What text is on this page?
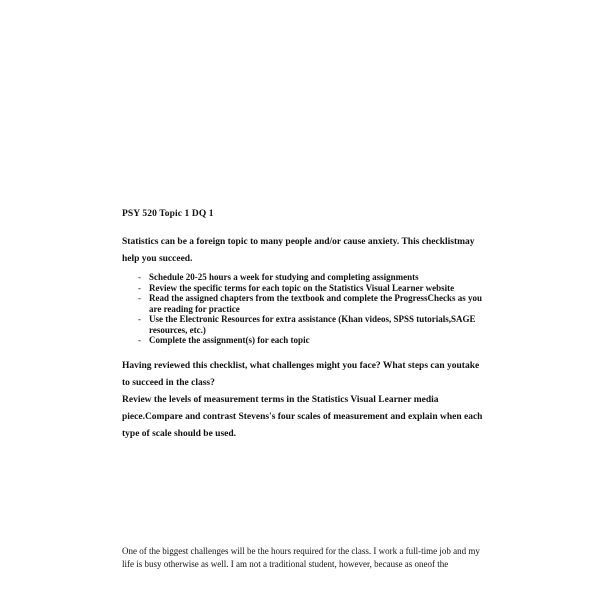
PSY 520 Topic 1 DQ 1
Statistics can be a foreign topic to many people and/or cause anxiety. This checklistmay help you succeed.
- Schedule 20-25 hours a week for studying and completing assignments
- Review the specific terms for each topic on the Statistics Visual Learner website
- Read the assigned chapters from the textbook and complete the ProgressChecks as you are reading for practice
- Use the Electronic Resources for extra assistance (Khan videos, SPSS tutorials,SAGE resources, etc.)
- Complete the assignment(s) for each topic

Having reviewed this checklist, what challenges might you face? What steps can youtake to succeed in the class?

Review the levels of measurement terms in the Statistics Visual Learner media piece.Compare and contrast Stevens's four scales of measurement and explain when each type of scale should be used.

One of the biggest challenges will be the hours required for the class. I work a full-time job and my life is busy otherwise as well. I am not a traditional student, however, because as oneof the
